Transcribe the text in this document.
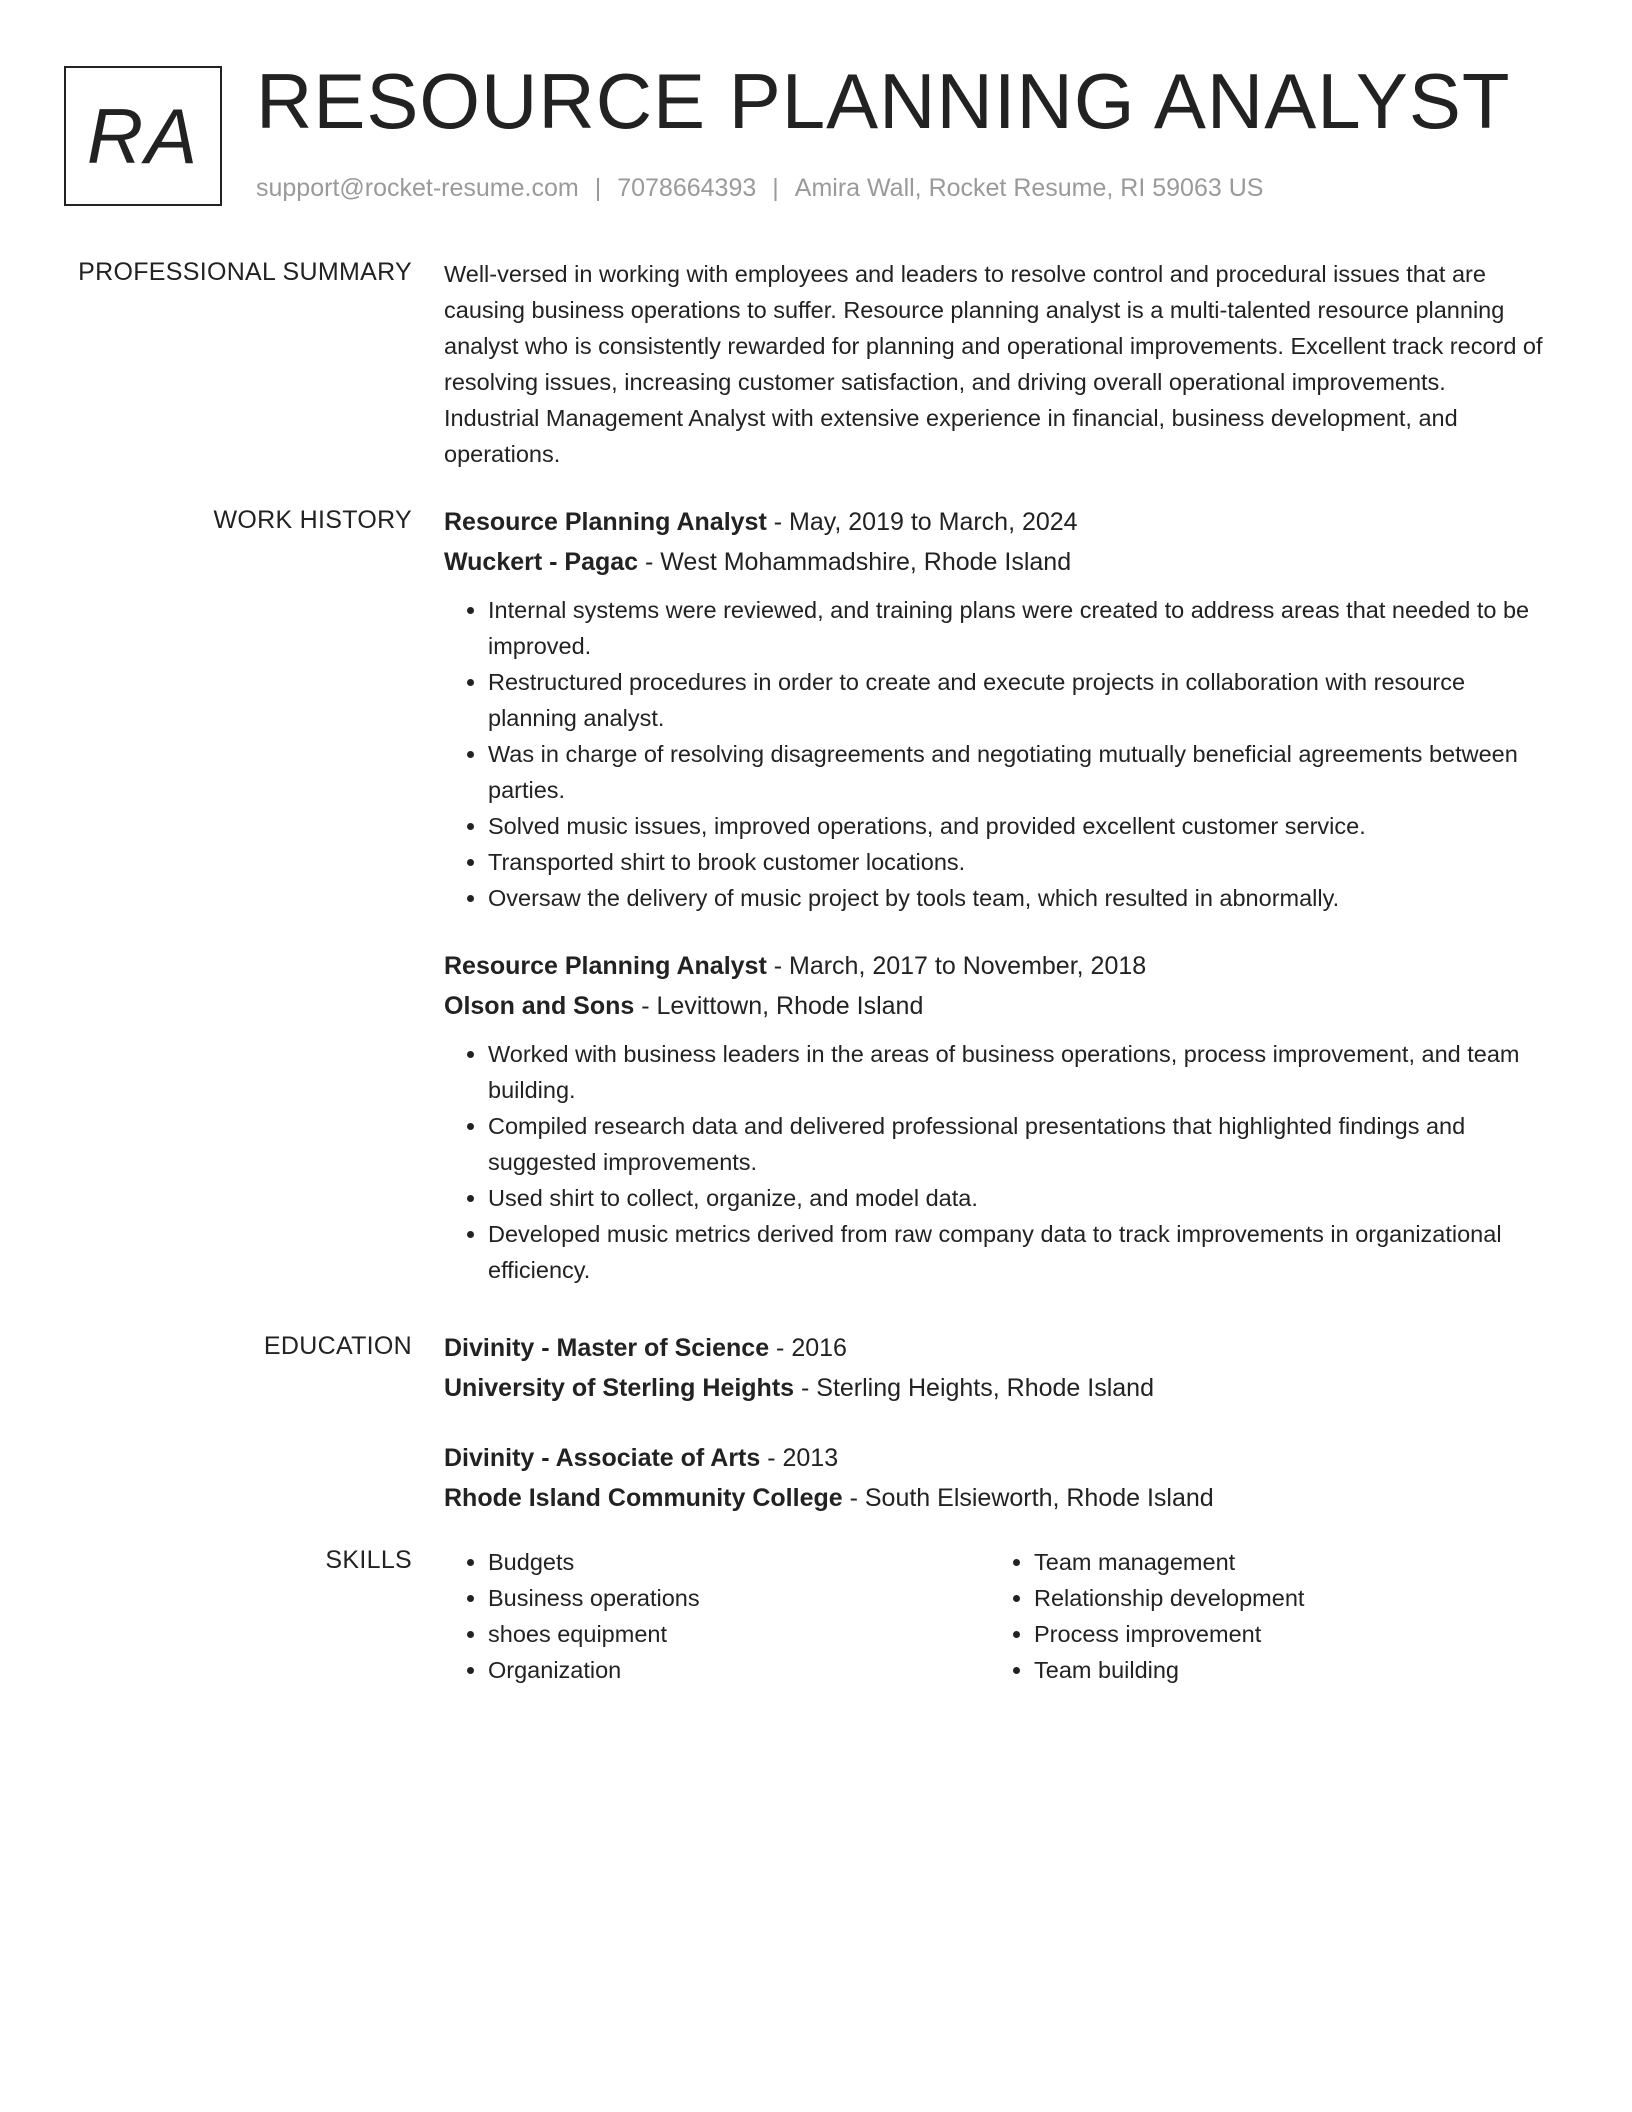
RA RESOURCE PLANNING ANALYST
support@rocket-resume.com | 7078664393 | Amira Wall, Rocket Resume, RI 59063 US
PROFESSIONAL SUMMARY Well-versed in working with employees and leaders to resolve control and procedural issues that are causing business operations to suffer. Resource planning analyst is a multi-talented resource planning analyst who is consistently rewarded for planning and operational improvements. Excellent track record of resolving issues, increasing customer satisfaction, and driving overall operational improvements. Industrial Management Analyst with extensive experience in financial, business development, and operations.

WORK HISTORY Resource Planning Analyst - May, 2019 to March, 2024
Wuckert - Pagac - West Mohammadshire, Rhode Island
• Internal systems were reviewed, and training plans were created to address areas that needed to be improved.
• Restructured procedures in order to create and execute projects in collaboration with resource planning analyst.
• Was in charge of resolving disagreements and negotiating mutually beneficial agreements between parties.
• Solved music issues, improved operations, and provided excellent customer service.
• Transported shirt to brook customer locations.
• Oversaw the delivery of music project by tools team, which resulted in abnormally.
Resource Planning Analyst - March, 2017 to November, 2018
Olson and Sons - Levittown, Rhode Island
• Worked with business leaders in the areas of business operations, process improvement, and team building.
• Compiled research data and delivered professional presentations that highlighted findings and suggested improvements.
• Used shirt to collect, organize, and model data.
• Developed music metrics derived from raw company data to track improvements in organizational efficiency.
EDUCATION Divinity - Master of Science - 2016
University of Sterling Heights - Sterling Heights, Rhode Island
Divinity - Associate of Arts - 2013
Rhode Island Community College - South Elsieworth, Rhode Island
SKILLS
•	Budgets
• Business operations
• shoes equipment
• Organization
• Team management
• Relationship development
• Process improvement
• Team building
